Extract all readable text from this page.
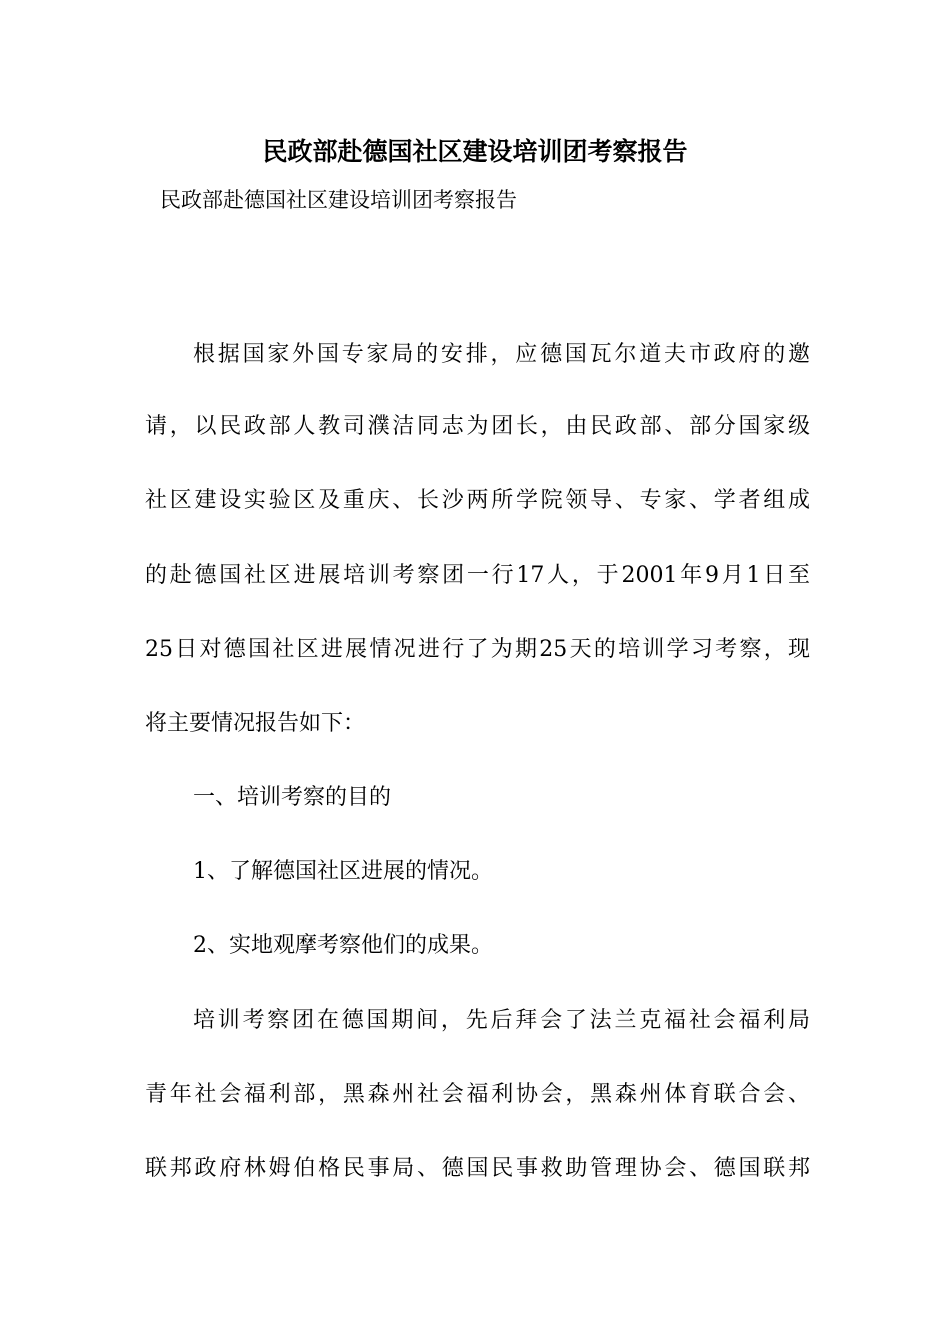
民政部赴德国社区建设培训团考察报告
民政部赴德国社区建设培训团考察报告
根据国家外国专家局的安排，应德国瓦尔道夫市政府的邀
请，以民政部人教司濮洁同志为团长，由民政部、部分国家级
社区建设实验区及重庆、长沙两所学院领导、专家、学者组成
的赴德国社区进展培训考察团一行17人，于2001年9月1日至
25日对德国社区进展情况进行了为期25天的培训学习考察，现
将主要情况报告如下：
一、培训考察的目的
1、了解德国社区进展的情况。
2、实地观摩考察他们的成果。
培训考察团在德国期间，先后拜会了法兰克福社会福利局
青年社会福利部，黑森州社会福利协会，黑森州体育联合会、
联邦政府林姆伯格民事局、德国民事救助管理协会、德国联邦
